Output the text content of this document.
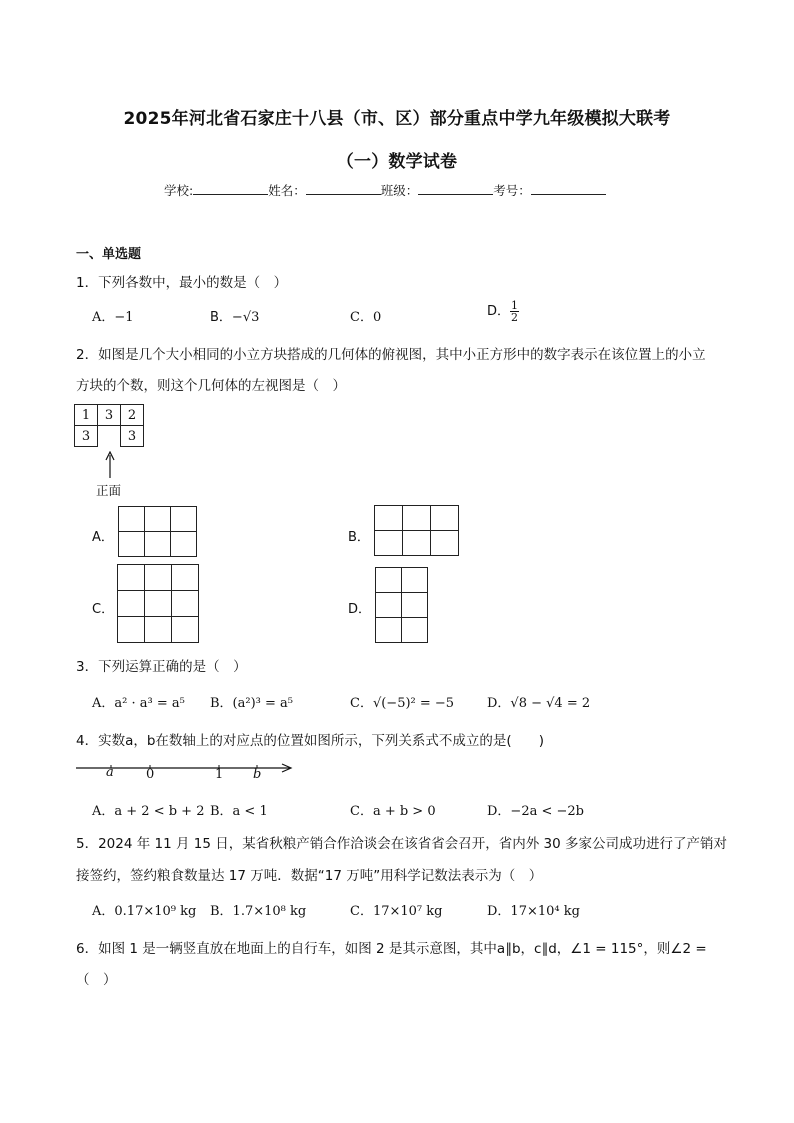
2025年河北省石家庄十八县（市、区）部分重点中学九年级模拟大联考
（一）数学试卷
学校:	姓名：	班级：	考号：
一、单选题
1．下列各数中，最小的数是（　）
A．−1	B．−√3	C．0	D． $\frac{1}{2}$
2．如图是几个大小相同的小立方块搭成的几何体的俯视图，其中小正方形中的数字表示在该位置上的小立
方块的个数，则这个几何体的左视图是（　）
1	3	2
3		3
正面
A．

			B．

C．

			D．

3．下列运算正确的是（　）
A．a² · a³ = a⁵ B．(a²)³ = a⁵	C．√(−5)² = −5	D．√8 − √4 = 2
4．实数a，b在数轴上的对应点的位置如图所示，下列关系式不成立的是(　　)
a 0	1 b
A．a + 2 < b + 2 B．a < 1	C．a + b > 0	D．−2a < −2b
5．2024 年 11 月 15 日，某省秋粮产销合作洽谈会在该省省会召开，省内外 30 多家公司成功进行了产销对
接签约，签约粮食数量达 17 万吨．数据“17 万吨”用科学记数法表示为（　）
A．0.17×10⁹ kg B．1.7×10⁸ kg	C．17×10⁷ kg	D．17×10⁴ kg
6．如图 1 是一辆竖直放在地面上的自行车，如图 2 是其示意图，其中a∥b，c∥d，∠1 = 115°，则∠2 =
（　）
